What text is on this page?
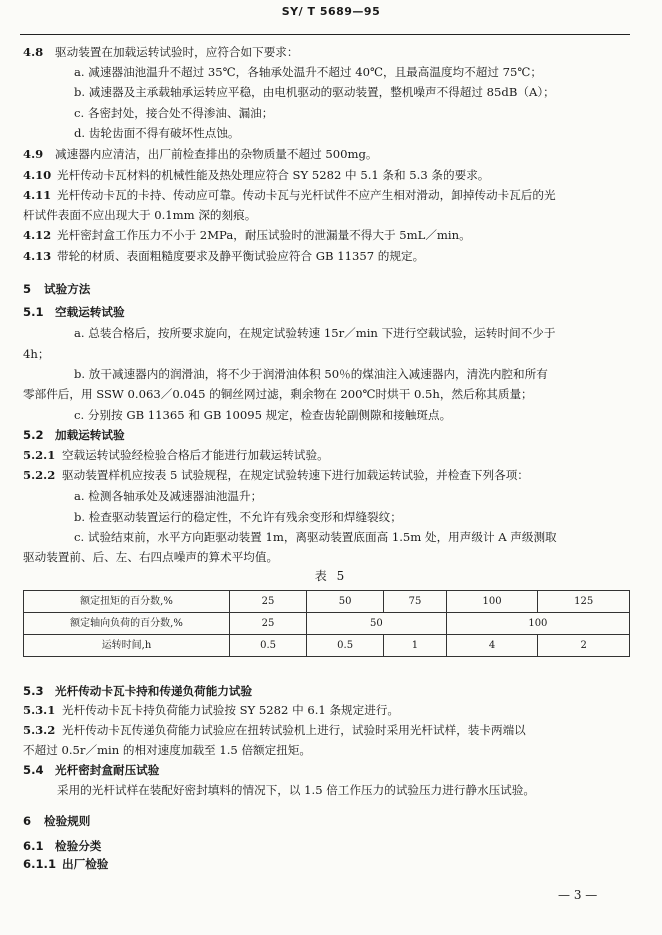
SY/ T 5689—95
4.8 驱动装置在加载运转试验时，应符合如下要求：
a. 减速器油池温升不超过 35℃，各轴承处温升不超过 40℃，且最高温度均不超过 75℃；
b. 减速器及主承载轴承运转应平稳，由电机驱动的驱动装置，整机噪声不得超过 85dB（A）；
c. 各密封处，接合处不得渗油、漏油；
d. 齿轮齿面不得有破坏性点蚀。
4.9 减速器内应清洁，出厂前检查排出的杂物质量不超过 500mg。
4.10 光杆传动卡瓦材料的机械性能及热处理应符合 SY 5282 中 5.1 条和 5.3 条的要求。
4.11 光杆传动卡瓦的卡持、传动应可靠。传动卡瓦与光杆试件不应产生相对滑动，卸掉传动卡瓦后的光
杆试件表面不应出现大于 0.1mm 深的刻痕。
4.12 光杆密封盒工作压力不小于 2MPa，耐压试验时的泄漏量不得大于 5mL／min。
4.13 带轮的材质、表面粗糙度要求及静平衡试验应符合 GB 11357 的规定。
5 试验方法
5.1 空载运转试验
a. 总装合格后，按所要求旋向，在规定试验转速 15r／min 下进行空载试验，运转时间不少于
4h；
b. 放干减速器内的润滑油，将不少于润滑油体积 50％的煤油注入减速器内，清洗内腔和所有
零部件后，用 SSW 0.063／0.045 的铜丝网过滤，剩余物在 200℃时烘干 0.5h，然后称其质量；
c. 分别按 GB 11365 和 GB 10095 规定，检查齿轮副侧隙和接触斑点。
5.2 加载运转试验
5.2.1 空载运转试验经检验合格后才能进行加载运转试验。
5.2.2 驱动装置样机应按表 5 试验规程，在规定试验转速下进行加载运转试验，并检查下列各项：
a. 检测各轴承处及减速器油池温升；
b. 检查驱动装置运行的稳定性，不允许有残余变形和焊缝裂纹；
c. 试验结束前，水平方向距驱动装置 1m，离驱动装置底面高 1.5m 处，用声级计 A 声级测取
驱动装置前、后、左、右四点噪声的算术平均值。
5.3 光杆传动卡瓦卡持和传递负荷能力试验
5.3.1 光杆传动卡瓦卡持负荷能力试验按 SY 5282 中 6.1 条规定进行。
5.3.2 光杆传动卡瓦传递负荷能力试验应在扭转试验机上进行，试验时采用光杆试样，装卡两端以
不超过 0.5r／min 的相对速度加载至 1.5 倍额定扭矩。
5.4 光杆密封盒耐压试验
采用的光杆试样在装配好密封填料的情况下，以 1.5 倍工作压力的试验压力进行静水压试验。
6 检验规则
6.1 检验分类
6.1.1 出厂检验
表 5
额定扭矩的百分数,%	25	50	75	100	125
额定轴向负荷的百分数,%	25	50		100	
运转时间,h	0.5	0.5	1	4	2
— 3 —
